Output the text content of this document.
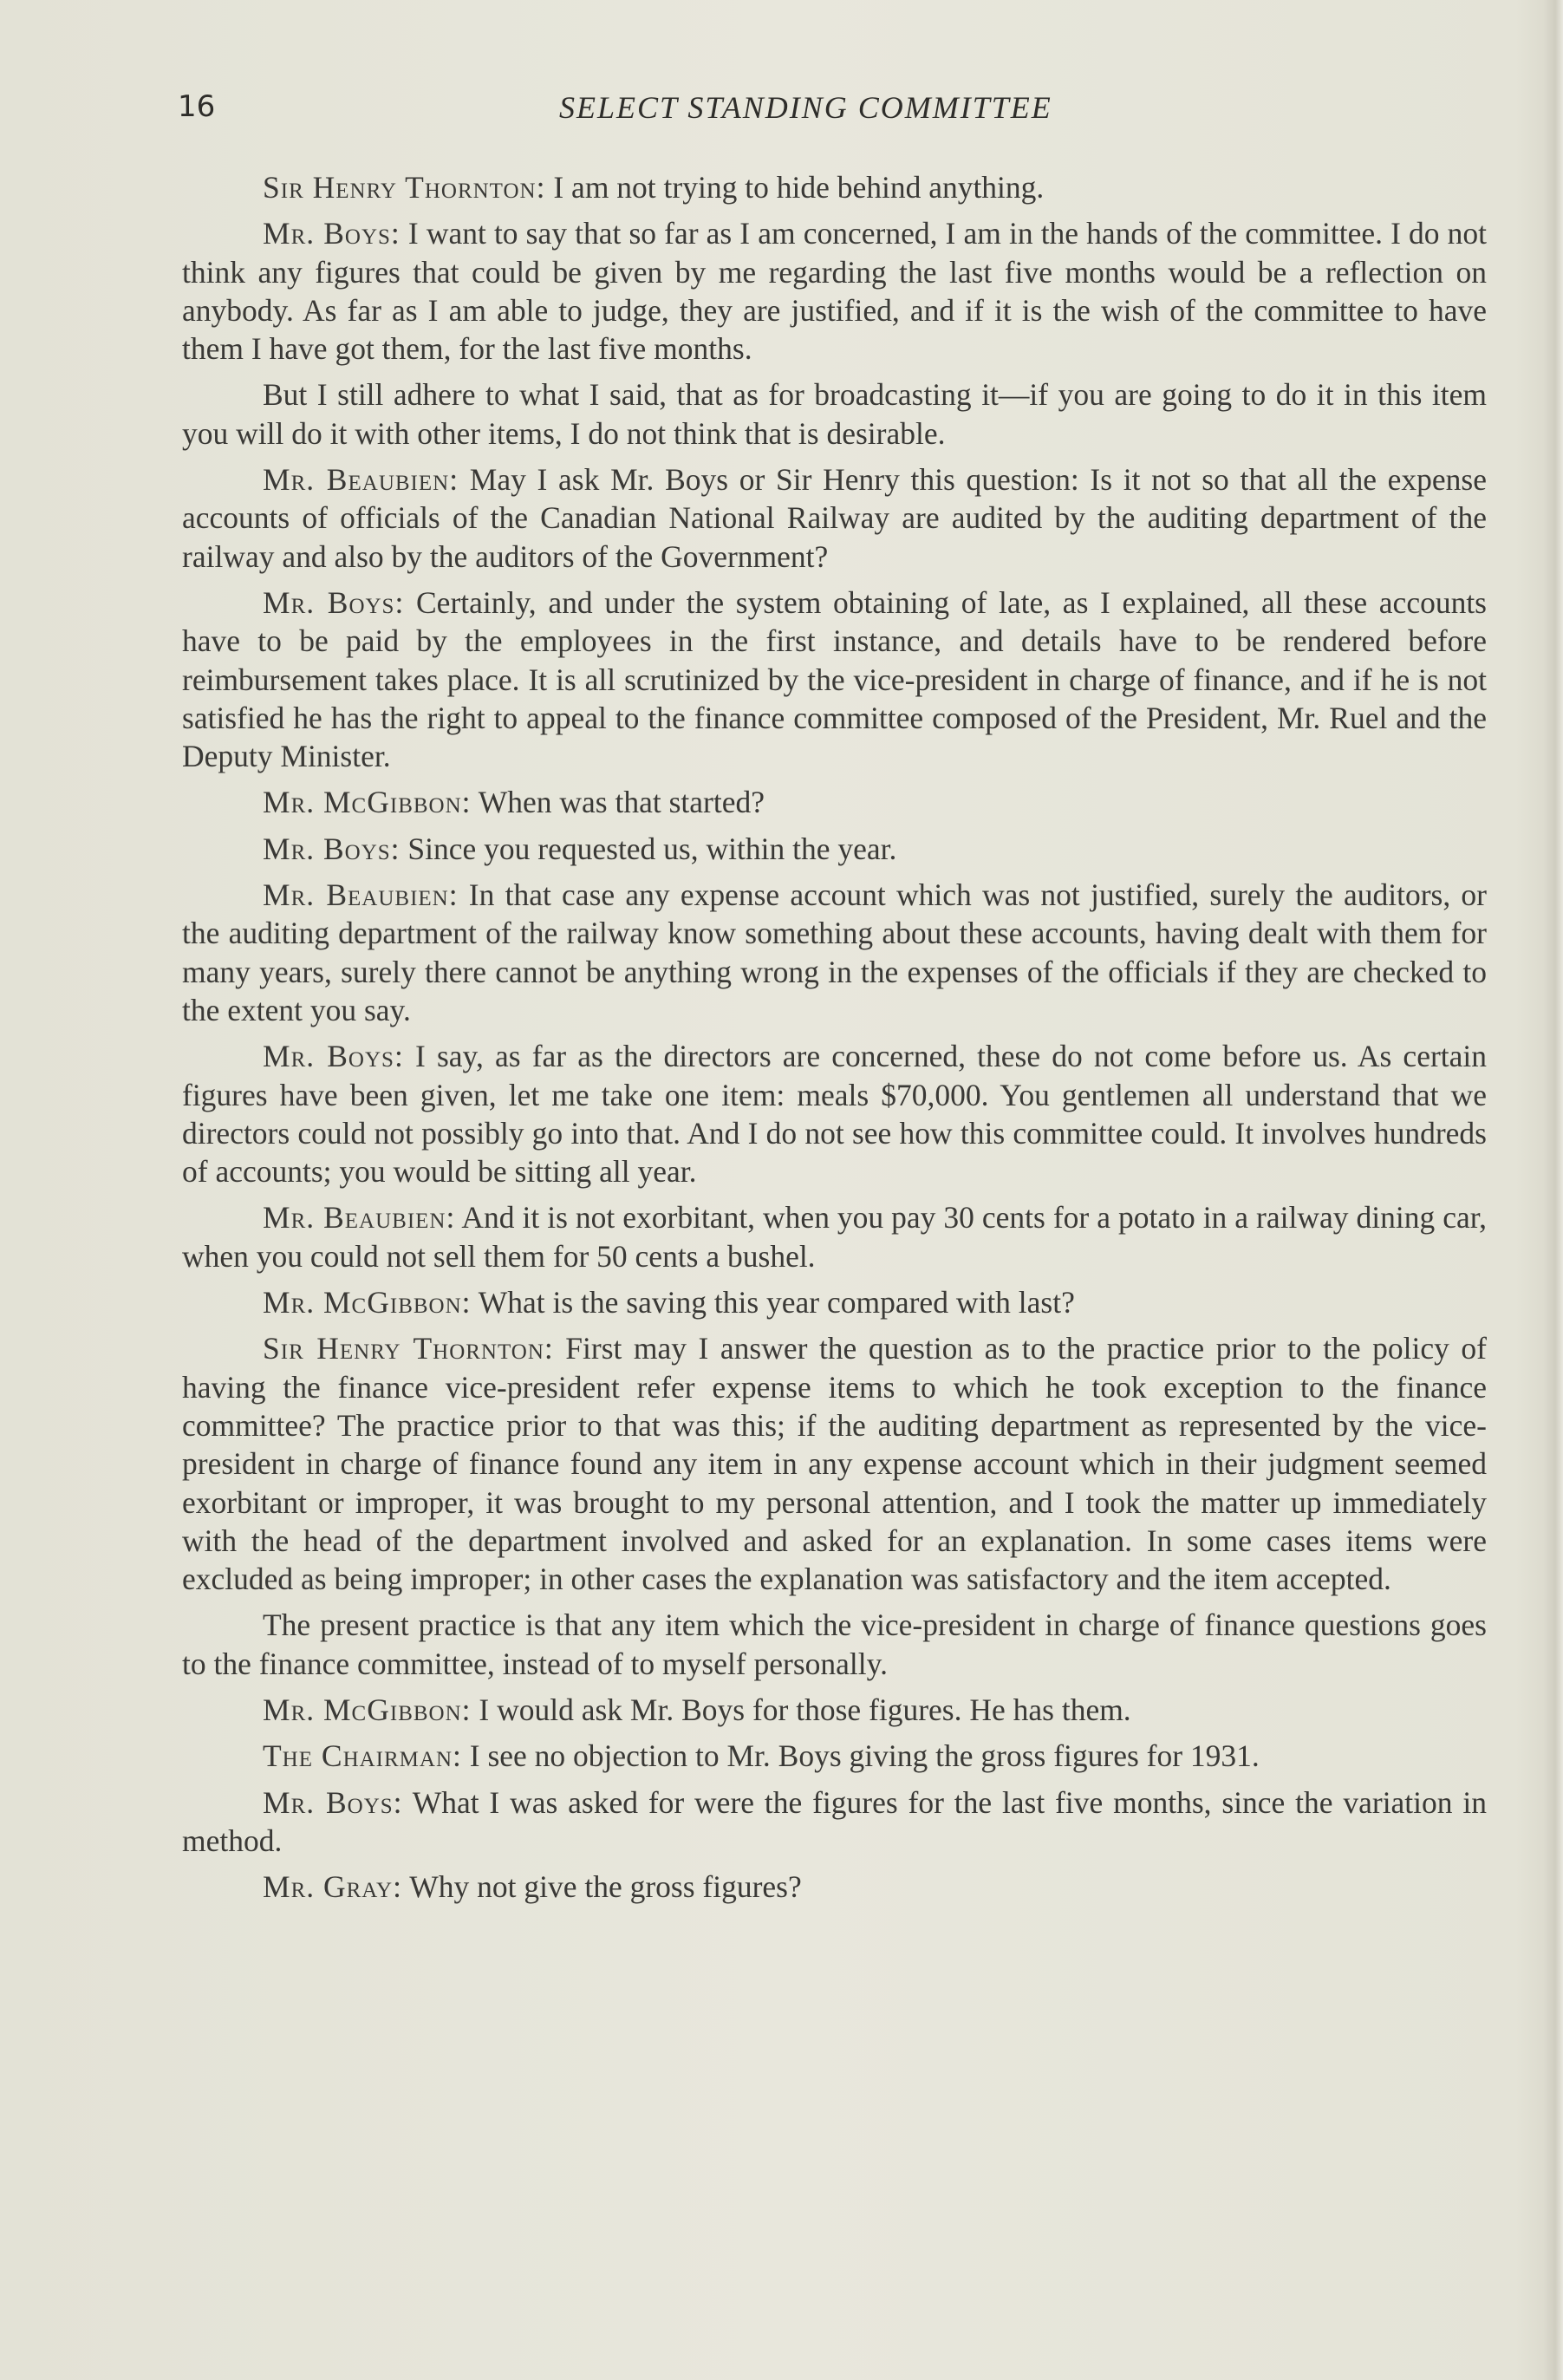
16	SELECT STANDING COMMITTEE

Sir Henry Thornton: I am not trying to hide behind anything.

Mr. Boys: I want to say that so far as I am concerned, I am in the hands of the committee. I do not think any figures that could be given by me regarding the last five months would be a reflection on anybody. As far as I am able to judge, they are justified, and if it is the wish of the committee to have them I have got them, for the last five months.

But I still adhere to what I said, that as for broadcasting it—if you are going to do it in this item you will do it with other items, I do not think that is desirable.

Mr. Beaubien: May I ask Mr. Boys or Sir Henry this question: Is it not so that all the expense accounts of officials of the Canadian National Railway are audited by the auditing department of the railway and also by the auditors of the Government?

Mr. Boys: Certainly, and under the system obtaining of late, as I explained, all these accounts have to be paid by the employees in the first instance, and details have to be rendered before reimbursement takes place. It is all scrutinized by the vice-president in charge of finance, and if he is not satisfied he has the right to appeal to the finance committee composed of the President, Mr. Ruel and the Deputy Minister.

Mr. McGibbon: When was that started?

Mr. Boys: Since you requested us, within the year.

Mr. Beaubien: In that case any expense account which was not justified, surely the auditors, or the auditing department of the railway know something about these accounts, having dealt with them for many years, surely there cannot be anything wrong in the expenses of the officials if they are checked to the extent you say.

Mr. Boys: I say, as far as the directors are concerned, these do not come before us. As certain figures have been given, let me take one item: meals $70,000. You gentlemen all understand that we directors could not possibly go into that. And I do not see how this committee could. It involves hundreds of accounts; you would be sitting all year.

Mr. Beaubien: And it is not exorbitant, when you pay 30 cents for a potato in a railway dining car, when you could not sell them for 50 cents a bushel.

Mr. McGibbon: What is the saving this year compared with last?

Sir Henry Thornton: First may I answer the question as to the practice prior to the policy of having the finance vice-president refer expense items to which he took exception to the finance committee? The practice prior to that was this; if the auditing department as represented by the vice-president in charge of finance found any item in any expense account which in their judgment seemed exorbitant or improper, it was brought to my personal attention, and I took the matter up immediately with the head of the department involved and asked for an explanation. In some cases items were excluded as being improper; in other cases the explanation was satisfactory and the item accepted.

The present practice is that any item which the vice-president in charge of finance questions goes to the finance committee, instead of to myself personally.

Mr. McGibbon: I would ask Mr. Boys for those figures. He has them.

The Chairman: I see no objection to Mr. Boys giving the gross figures for 1931.

Mr. Boys: What I was asked for were the figures for the last five months, since the variation in method.

Mr. Gray: Why not give the gross figures?
